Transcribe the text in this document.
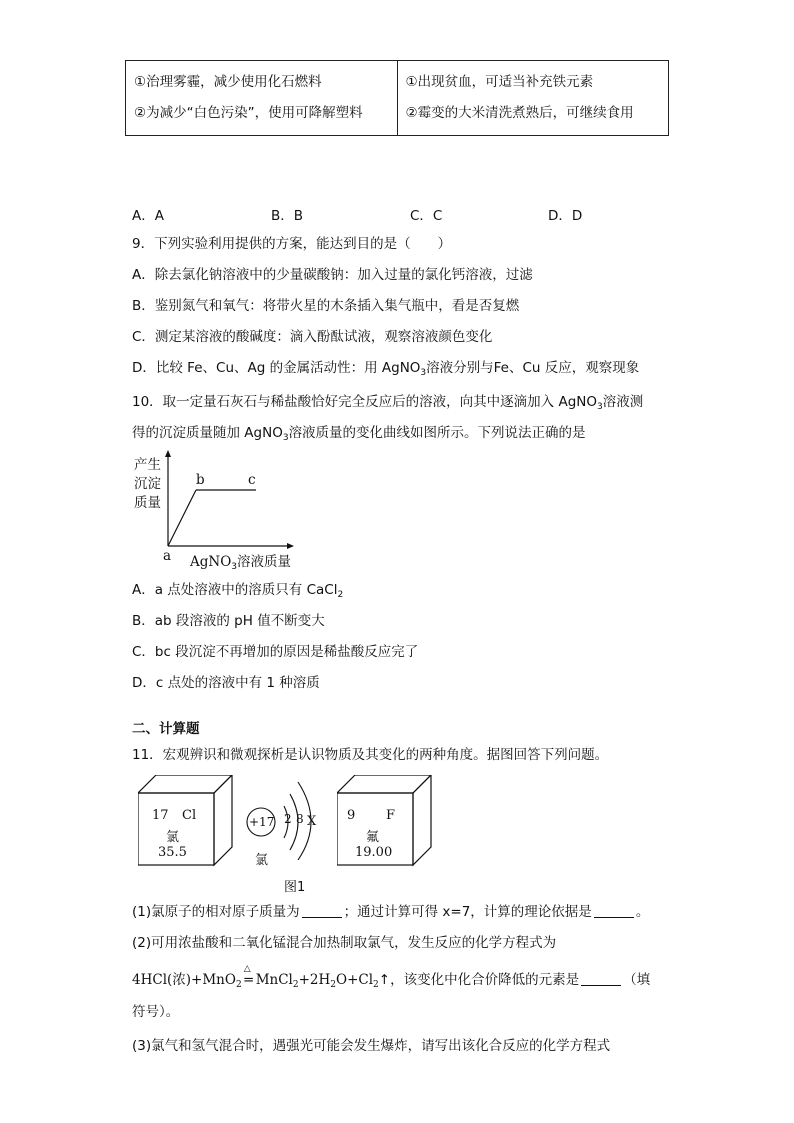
①治理雾霾，减少使用化石燃料
②为减少“白色污染”，使用可降解塑料

①出现贫血，可适当补充铁元素
②霉变的大米清洗煮熟后，可继续食用
A．A	B．B	C．C	D．D
9．下列实验利用提供的方案，能达到目的是（　　）
A．除去氯化钠溶液中的少量碳酸钠：加入过量的氯化钙溶液，过滤
B．鉴别氮气和氧气：将带火星的木条插入集气瓶中，看是否复燃
C．测定某溶液的酸碱度：滴入酚酞试液，观察溶液颜色变化
D．比较 Fe、Cu、Ag 的金属活动性：用 AgNO$_3$溶液分别与Fe、Cu 反应，观察现象
10．取一定量石灰石与稀盐酸恰好完全反应后的溶液，向其中逐滴加入 AgNO$_3$溶液测
得的沉淀质量随加 AgNO$_3$溶液质量的变化曲线如图所示。下列说法正确的是
产生
沉淀
质量
b	c
a AgNO$_3$溶液质量
A．a 点处溶液中的溶质只有 CaCl$_2$
B．ab 段溶液的 pH 值不断变大
C．bc 段沉淀不再增加的原因是稀盐酸反应完了
D．c 点处的溶液中有 1 种溶质
二、计算题
11．宏观辨识和微观探析是认识物质及其变化的两种角度。据图回答下列问题。
17 Cl
氯
35.5
+17 2 8 X
氯
9 F
氟
19.00
图1
(1)氯原子的相对原子质量为	；通过计算可得 x=7，计算的理论依据是	。
(2)可用浓盐酸和二氧化锰混合加热制取氯气，发生反应的化学方程式为
4HCl(浓)+MnO$_2$
△
$=MnCl_2+2H_2O+Cl_2↑$，该变化中化合价降低的元素是	（填
符号）。
(3)氯气和氢气混合时，遇强光可能会发生爆炸，请写出该化合反应的化学方程式
